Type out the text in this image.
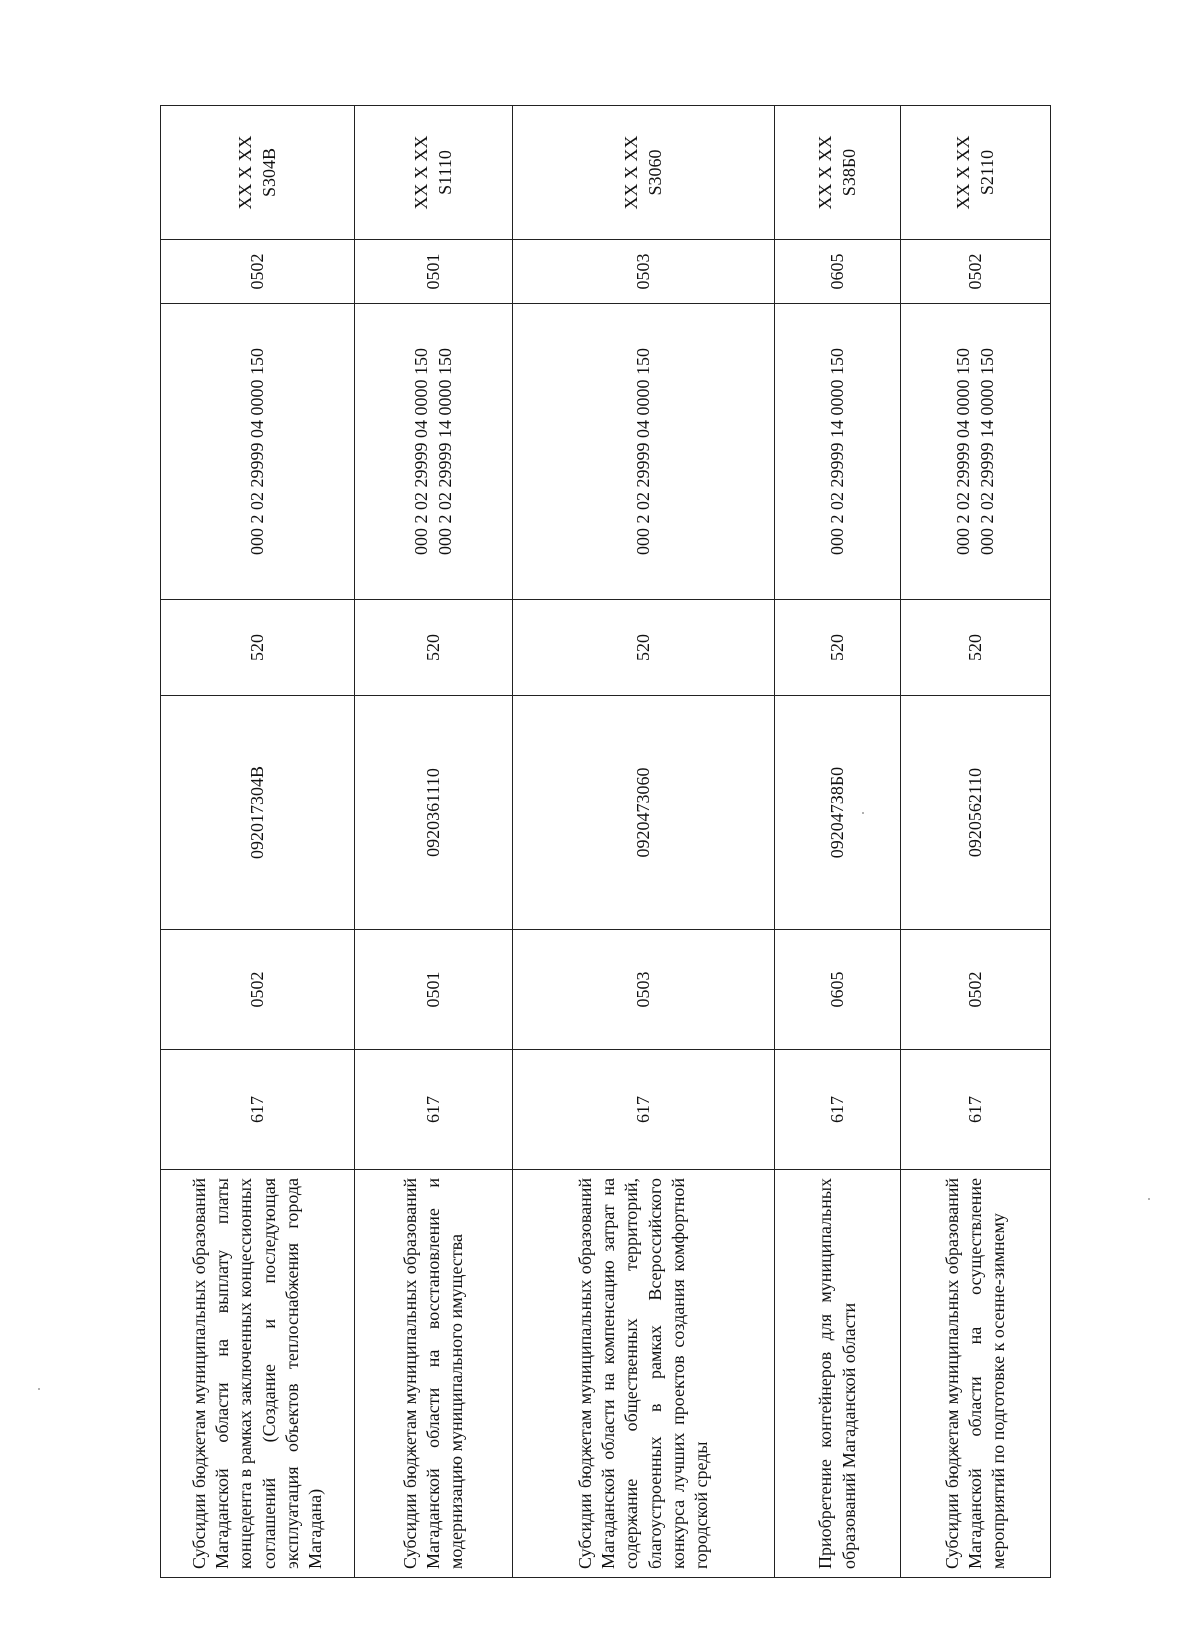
Субсидии бюджетам муниципальных образований Магаданской области на выплату платы концедента в рамках заключенных концессионных соглашений (Создание и последующая эксплуатация объектов теплоснабжения города Магадана)	617	0502	092017304В	520	000 2 02 29999 04 0000 150	0502	XX X XX S304В
Субсидии бюджетам муниципальных образований Магаданской области на восстановление и модернизацию муниципального имущества	617	0501	0920361110	520	000 2 02 29999 04 0000 150 000 2 02 29999 14 0000 150	0501	XX X XX S1110
Субсидии бюджетам муниципальных образований Магаданской области на компенсацию затрат на содержание общественных территорий, благоустроенных в рамках Всероссийского конкурса лучших проектов создания комфортной городской среды	617	0503	0920473060	520	000 2 02 29999 04 0000 150	0503	XX X XX S3060
Приобретение контейнеров для муниципальных образований Магаданской области	617	0605	092047З8Б0	520	000 2 02 29999 14 0000 150	0605	XX X XX S38Б0
Субсидии бюджетам муниципальных образований Магаданской области на осуществление мероприятий по подготовке к осенне-зимнему	617	0502	0920562110	520	000 2 02 29999 04 0000 150 000 2 02 29999 14 0000 150	0502	XX X XX S2110
